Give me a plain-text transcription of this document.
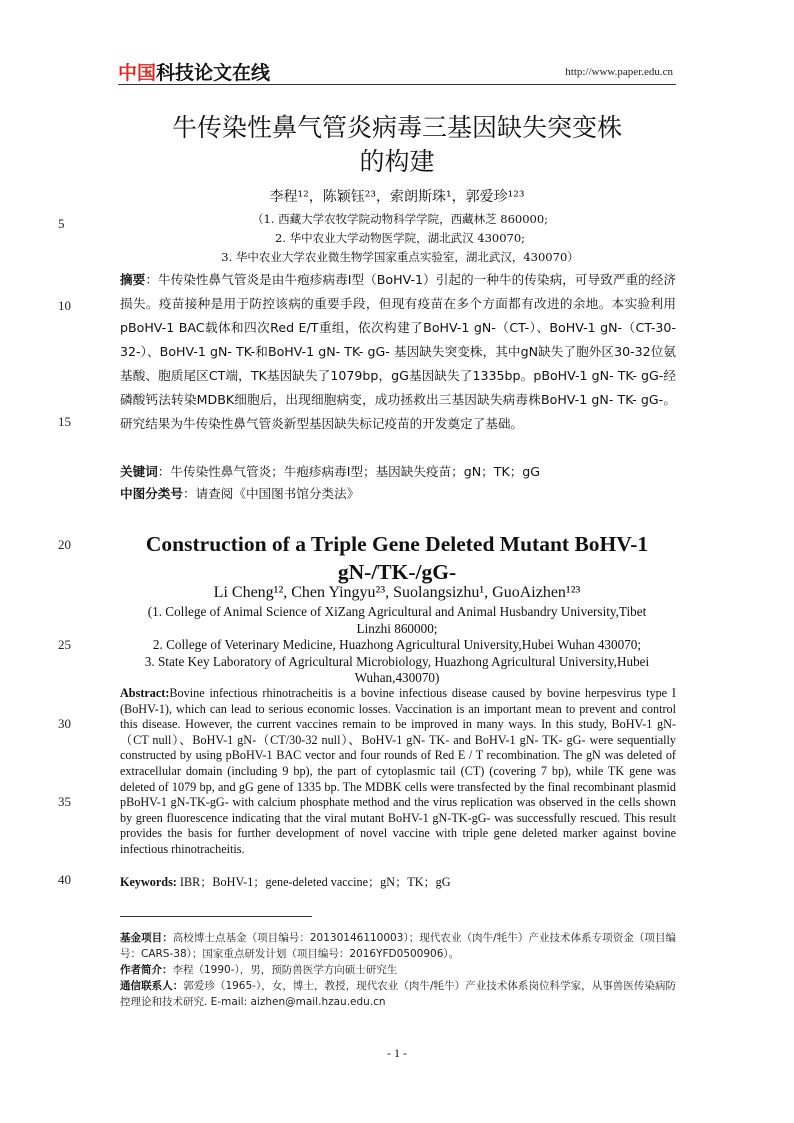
中国科技论文在线	http://www.paper.edu.cn
牛传染性鼻气管炎病毒三基因缺失突变株
的构建
李程¹²，陈颖钰²³，索朗斯珠¹，郭爱珍¹²³
（1. 西藏大学农牧学院动物科学学院，西藏林芝 860000;
2. 华中农业大学动物医学院，湖北武汉 430070;
3. 华中农业大学农业微生物学国家重点实验室，湖北武汉，430070）
5
10
15
20
25
30
35
40
摘要：牛传染性鼻气管炎是由牛疱疹病毒Ⅰ型（BoHV-1）引起的一种牛的传染病，可导致严重的经济损失。疫苗接种是用于防控该病的重要手段，但现有疫苗在多个方面都有改进的余地。本实验利用pBoHV-1 BAC载体和四次Red E/T重组，依次构建了BoHV-1 gN-（CT-）、BoHV-1 gN-（CT-30-32-）、BoHV-1 gN- TK-和BoHV-1 gN- TK- gG- 基因缺失突变株，其中gN缺失了胞外区30-32位氨基酸、胞质尾区CT端，TK基因缺失了1079bp，gG基因缺失了1335bp。pBoHV-1 gN- TK- gG-经磷酸钙法转染MDBK细胞后，出现细胞病变，成功拯救出三基因缺失病毒株BoHV-1 gN- TK- gG-。研究结果为牛传染性鼻气管炎新型基因缺失标记疫苗的开发奠定了基础。
关键词：牛传染性鼻气管炎；牛疱疹病毒Ⅰ型；基因缺失疫苗；gN；TK；gG
中图分类号：请查阅《中国图书馆分类法》
Construction of a Triple Gene Deleted Mutant BoHV-1
gN-/TK-/gG-
Li Cheng¹², Chen Yingyu²³, Suolangsizhu¹, GuoAizhen¹²³
(1. College of Animal Science of XiZang Agricultural and Animal Husbandry University,Tibet
Linzhi 860000;
2. College of Veterinary Medicine, Huazhong Agricultural University,Hubei Wuhan 430070;
3. State Key Laboratory of Agricultural Microbiology, Huazhong Agricultural University,Hubei
Wuhan,430070)
Abstract:Bovine infectious rhinotracheitis is a bovine infectious disease caused by bovine herpesvirus type I (BoHV-1), which can lead to serious economic losses. Vaccination is an important mean to prevent and control this disease. However, the current vaccines remain to be improved in many ways. In this study, BoHV-1 gN-（CT null）、BoHV-1 gN-（CT/30-32 null）、BoHV-1 gN- TK- and BoHV-1 gN- TK- gG- were sequentially constructed by using pBoHV-1 BAC vector and four rounds of Red E / T recombination. The gN was deleted of extracellular domain (including 9 bp), the part of cytoplasmic tail (CT) (covering 7 bp), while TK gene was deleted of 1079 bp, and gG gene of 1335 bp. The MDBK cells were transfected by the final recombinant plasmid pBoHV-1 gN-TK-gG- with calcium phosphate method and the virus replication was observed in the cells shown by green fluorescence indicating that the viral mutant BoHV-1 gN-TK-gG- was successfully rescued. This result provides the basis for further development of novel vaccine with triple gene deleted marker against bovine infectious rhinotracheitis.
Keywords: IBR；BoHV-1；gene-deleted vaccine；gN；TK；gG
基金项目：高校博士点基金（项目编号：20130146110003）；现代农业（肉牛/牦牛）产业技术体系专项资金（项目编号：CARS-38）；国家重点研发计划（项目编号：2016YFD0500906）。
作者简介：李程（1990-），男，预防兽医学方向硕士研究生
通信联系人：郭爱珍（1965-），女，博士，教授，现代农业（肉牛/牦牛）产业技术体系岗位科学家，从事兽医传染病防控理论和技术研究. E-mail: aizhen@mail.hzau.edu.cn
- 1 -
